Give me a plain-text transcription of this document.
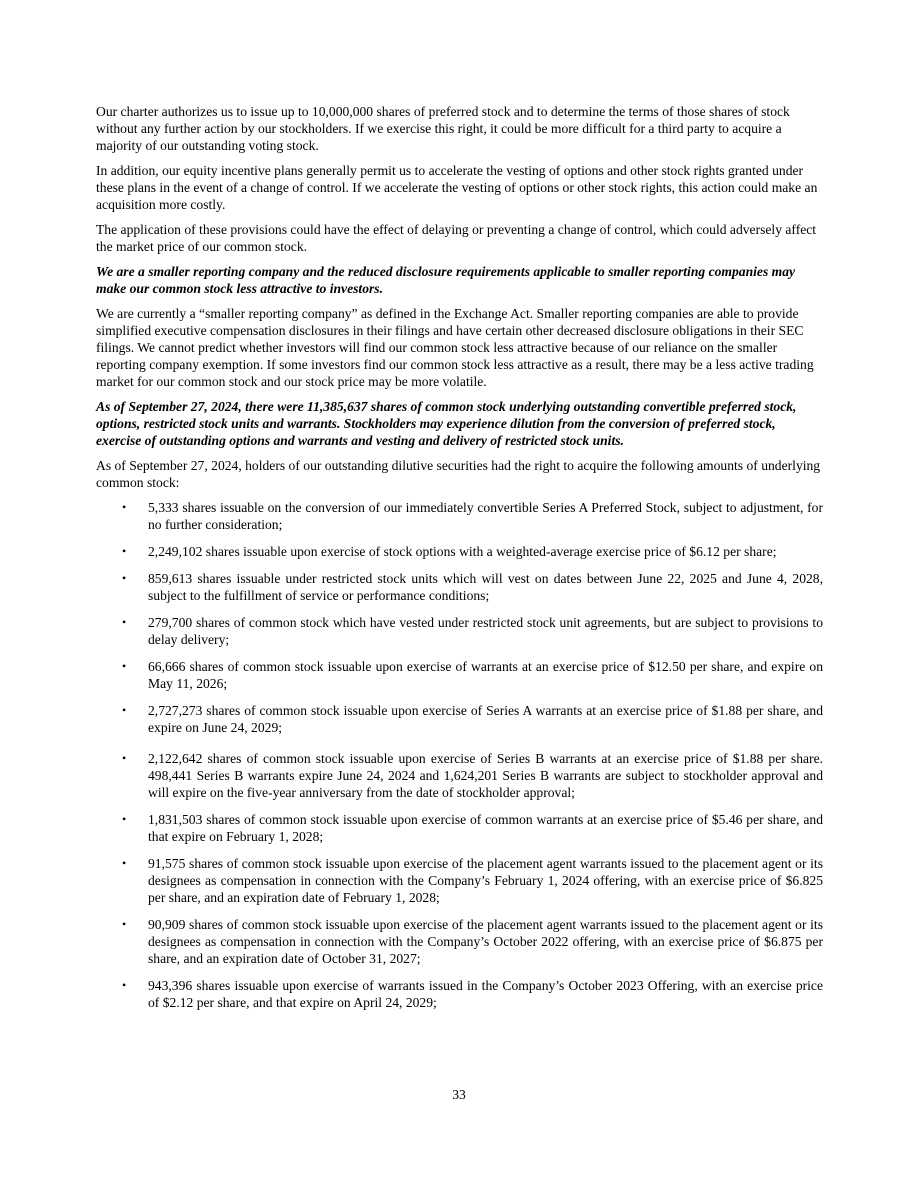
Our charter authorizes us to issue up to 10,000,000 shares of preferred stock and to determine the terms of those shares of stock without any further action by our stockholders. If we exercise this right, it could be more difficult for a third party to acquire a majority of our outstanding voting stock.

In addition, our equity incentive plans generally permit us to accelerate the vesting of options and other stock rights granted under these plans in the event of a change of control. If we accelerate the vesting of options or other stock rights, this action could make an acquisition more costly.

The application of these provisions could have the effect of delaying or preventing a change of control, which could adversely affect the market price of our common stock.

We are a smaller reporting company and the reduced disclosure requirements applicable to smaller reporting companies may make our common stock less attractive to investors.

We are currently a “smaller reporting company” as defined in the Exchange Act. Smaller reporting companies are able to provide simplified executive compensation disclosures in their filings and have certain other decreased disclosure obligations in their SEC filings. We cannot predict whether investors will find our common stock less attractive because of our reliance on the smaller reporting company exemption. If some investors find our common stock less attractive as a result, there may be a less active trading market for our common stock and our stock price may be more volatile.

As of September 27, 2024, there were 11,385,637 shares of common stock underlying outstanding convertible preferred stock, options, restricted stock units and warrants. Stockholders may experience dilution from the conversion of preferred stock, exercise of outstanding options and warrants and vesting and delivery of restricted stock units.

As of September 27, 2024, holders of our outstanding dilutive securities had the right to acquire the following amounts of underlying common stock:

• 5,333 shares issuable on the conversion of our immediately convertible Series A Preferred Stock, subject to adjustment, for no further consideration;
• 2,249,102 shares issuable upon exercise of stock options with a weighted-average exercise price of $6.12 per share;
• 859,613 shares issuable under restricted stock units which will vest on dates between June 22, 2025 and June 4, 2028, subject to the fulfillment of service or performance conditions;
• 279,700 shares of common stock which have vested under restricted stock unit agreements, but are subject to provisions to delay delivery;
• 66,666 shares of common stock issuable upon exercise of warrants at an exercise price of $12.50 per share, and expire on May 11, 2026;
• 2,727,273 shares of common stock issuable upon exercise of Series A warrants at an exercise price of $1.88 per share, and expire on June 24, 2029;
• 2,122,642 shares of common stock issuable upon exercise of Series B warrants at an exercise price of $1.88 per share. 498,441 Series B warrants expire June 24, 2024 and 1,624,201 Series B warrants are subject to stockholder approval and will expire on the five-year anniversary from the date of stockholder approval;
• 1,831,503 shares of common stock issuable upon exercise of common warrants at an exercise price of $5.46 per share, and that expire on February 1, 2028;
• 91,575 shares of common stock issuable upon exercise of the placement agent warrants issued to the placement agent or its designees as compensation in connection with the Company’s February 1, 2024 offering, with an exercise price of $6.825 per share, and an expiration date of February 1, 2028;
• 90,909 shares of common stock issuable upon exercise of the placement agent warrants issued to the placement agent or its designees as compensation in connection with the Company’s October 2022 offering, with an exercise price of $6.875 per share, and an expiration date of October 31, 2027;
• 943,396 shares issuable upon exercise of warrants issued in the Company’s October 2023 Offering, with an exercise price of $2.12 per share, and that expire on April 24, 2029;
33
